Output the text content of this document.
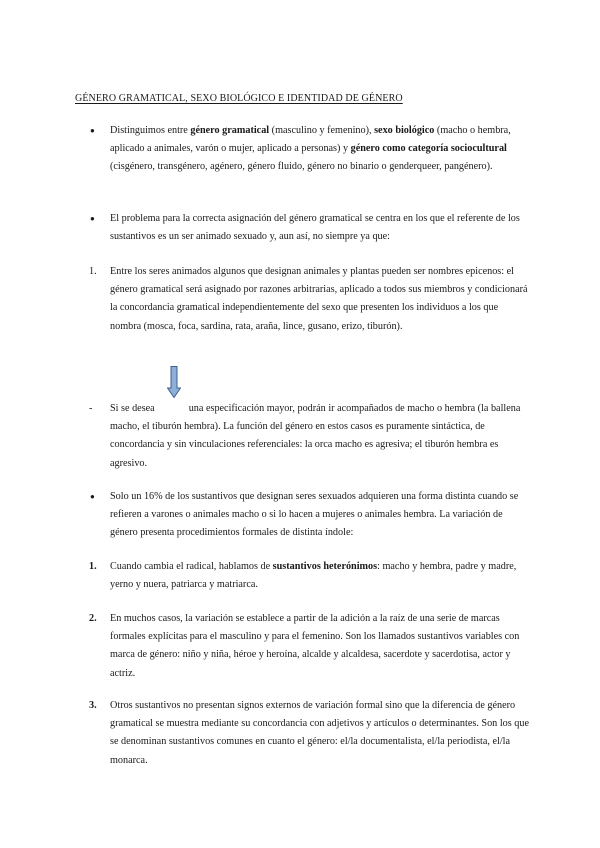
GÉNERO GRAMATICAL, SEXO BIOLÓGICO E IDENTIDAD DE GÉNERO
● Distinguimos entre género gramatical (masculino y femenino), sexo biológico (macho o hembra, aplicado a animales, varón o mujer, aplicado a personas) y género como categoría sociocultural (cisgénero, transgénero, agénero, género fluido, género no binario o genderqueer, pangénero).
● El problema para la correcta asignación del género gramatical se centra en los que el referente de los sustantivos es un ser animado sexuado y, aun así, no siempre ya que:
1. Entre los seres animados algunos que designan animales y plantas pueden ser nombres epicenos: el género gramatical será asignado por razones arbitrarias, aplicado a todos sus miembros y condicionará la concordancia gramatical independientemente del sexo que presenten los individuos a los que nombra (mosca, foca, sardina, rata, araña, lince, gusano, erizo, tiburón).
- Si se desea	una especificación mayor, podrán ir acompañados de macho o hembra (la ballena macho, el tiburón hembra). La función del género en estos casos es puramente sintáctica, de concordancia y sin vinculaciones referenciales: la orca macho es agresiva; el tiburón hembra es agresivo.
● Solo un 16% de los sustantivos que designan seres sexuados adquieren una forma distinta cuando se refieren a varones o animales macho o si lo hacen a mujeres o animales hembra. La variación de género presenta procedimientos formales de distinta índole:
1. Cuando cambia el radical, hablamos de sustantivos heterónimos: macho y hembra, padre y madre, yerno y nuera, patriarca y matriarca.
2. En muchos casos, la variación se establece a partir de la adición a la raíz de una serie de marcas formales explícitas para el masculino y para el femenino. Son los llamados sustantivos variables con marca de género: niño y niña, héroe y heroína, alcalde y alcaldesa, sacerdote y sacerdotisa, actor y actriz.
3. Otros sustantivos no presentan signos externos de variación formal sino que la diferencia de género gramatical se muestra mediante su concordancia con adjetivos y artículos o determinantes. Son los que se denominan sustantivos comunes en cuanto el género: el/la documentalista, el/la periodista, el/la monarca.
